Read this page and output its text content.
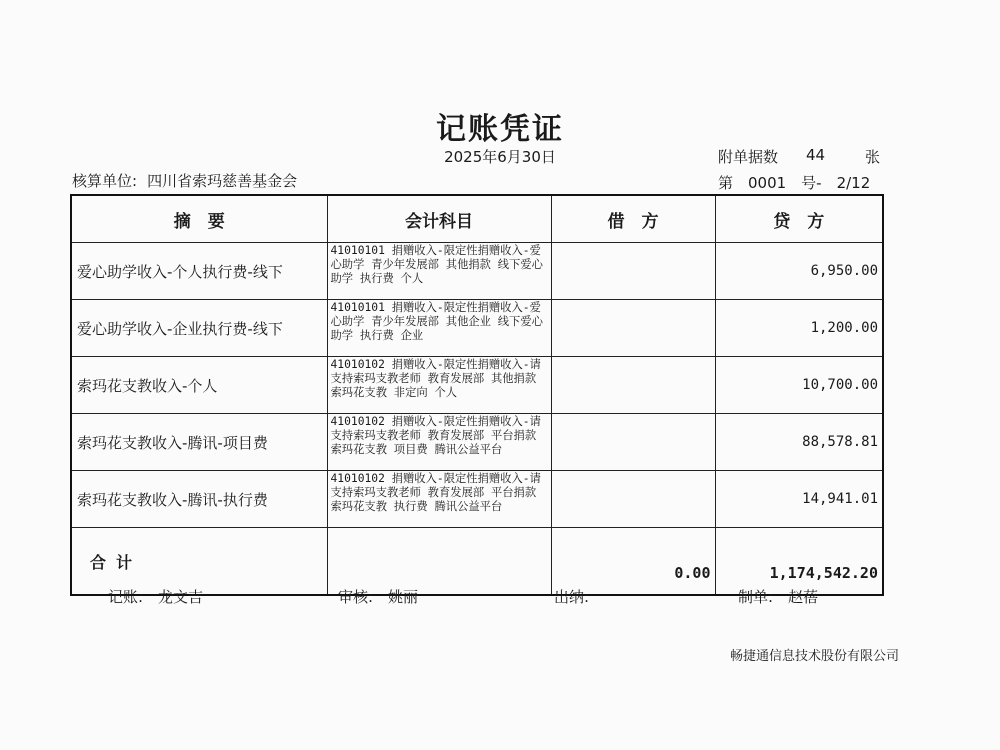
记账凭证
2025年6月30日
核算单位: 四川省索玛慈善基金会
附单据数 44	张
第　0001　号-　2/12
摘　要	会计科目	借　方	贷　方
爱心助学收入-个人执行费-线下	41010101 捐赠收入-限定性捐赠收入-爱心助学 青少年发展部 其他捐款 线下爱心助学 执行费 个人		6,950.00
爱心助学收入-企业执行费-线下	41010101 捐赠收入-限定性捐赠收入-爱心助学 青少年发展部 其他企业 线下爱心助学 执行费 企业		1,200.00
索玛花支教收入-个人	41010102 捐赠收入-限定性捐赠收入-请支持索玛支教老师 教育发展部 其他捐款 索玛花支教 非定向 个人		10,700.00
索玛花支教收入-腾讯-项目费	41010102 捐赠收入-限定性捐赠收入-请支持索玛支教老师 教育发展部 平台捐款 索玛花支教 项目费 腾讯公益平台		88,578.81
索玛花支教收入-腾讯-执行费	41010102 捐赠收入-限定性捐赠收入-请支持索玛支教老师 教育发展部 平台捐款 索玛花支教 执行费 腾讯公益平台		14,941.01
合计		0.00	1,174,542.20
记账:　龙文吉	审核:　姚丽	出纳:	制单:　赵蓓
畅捷通信息技术股份有限公司
